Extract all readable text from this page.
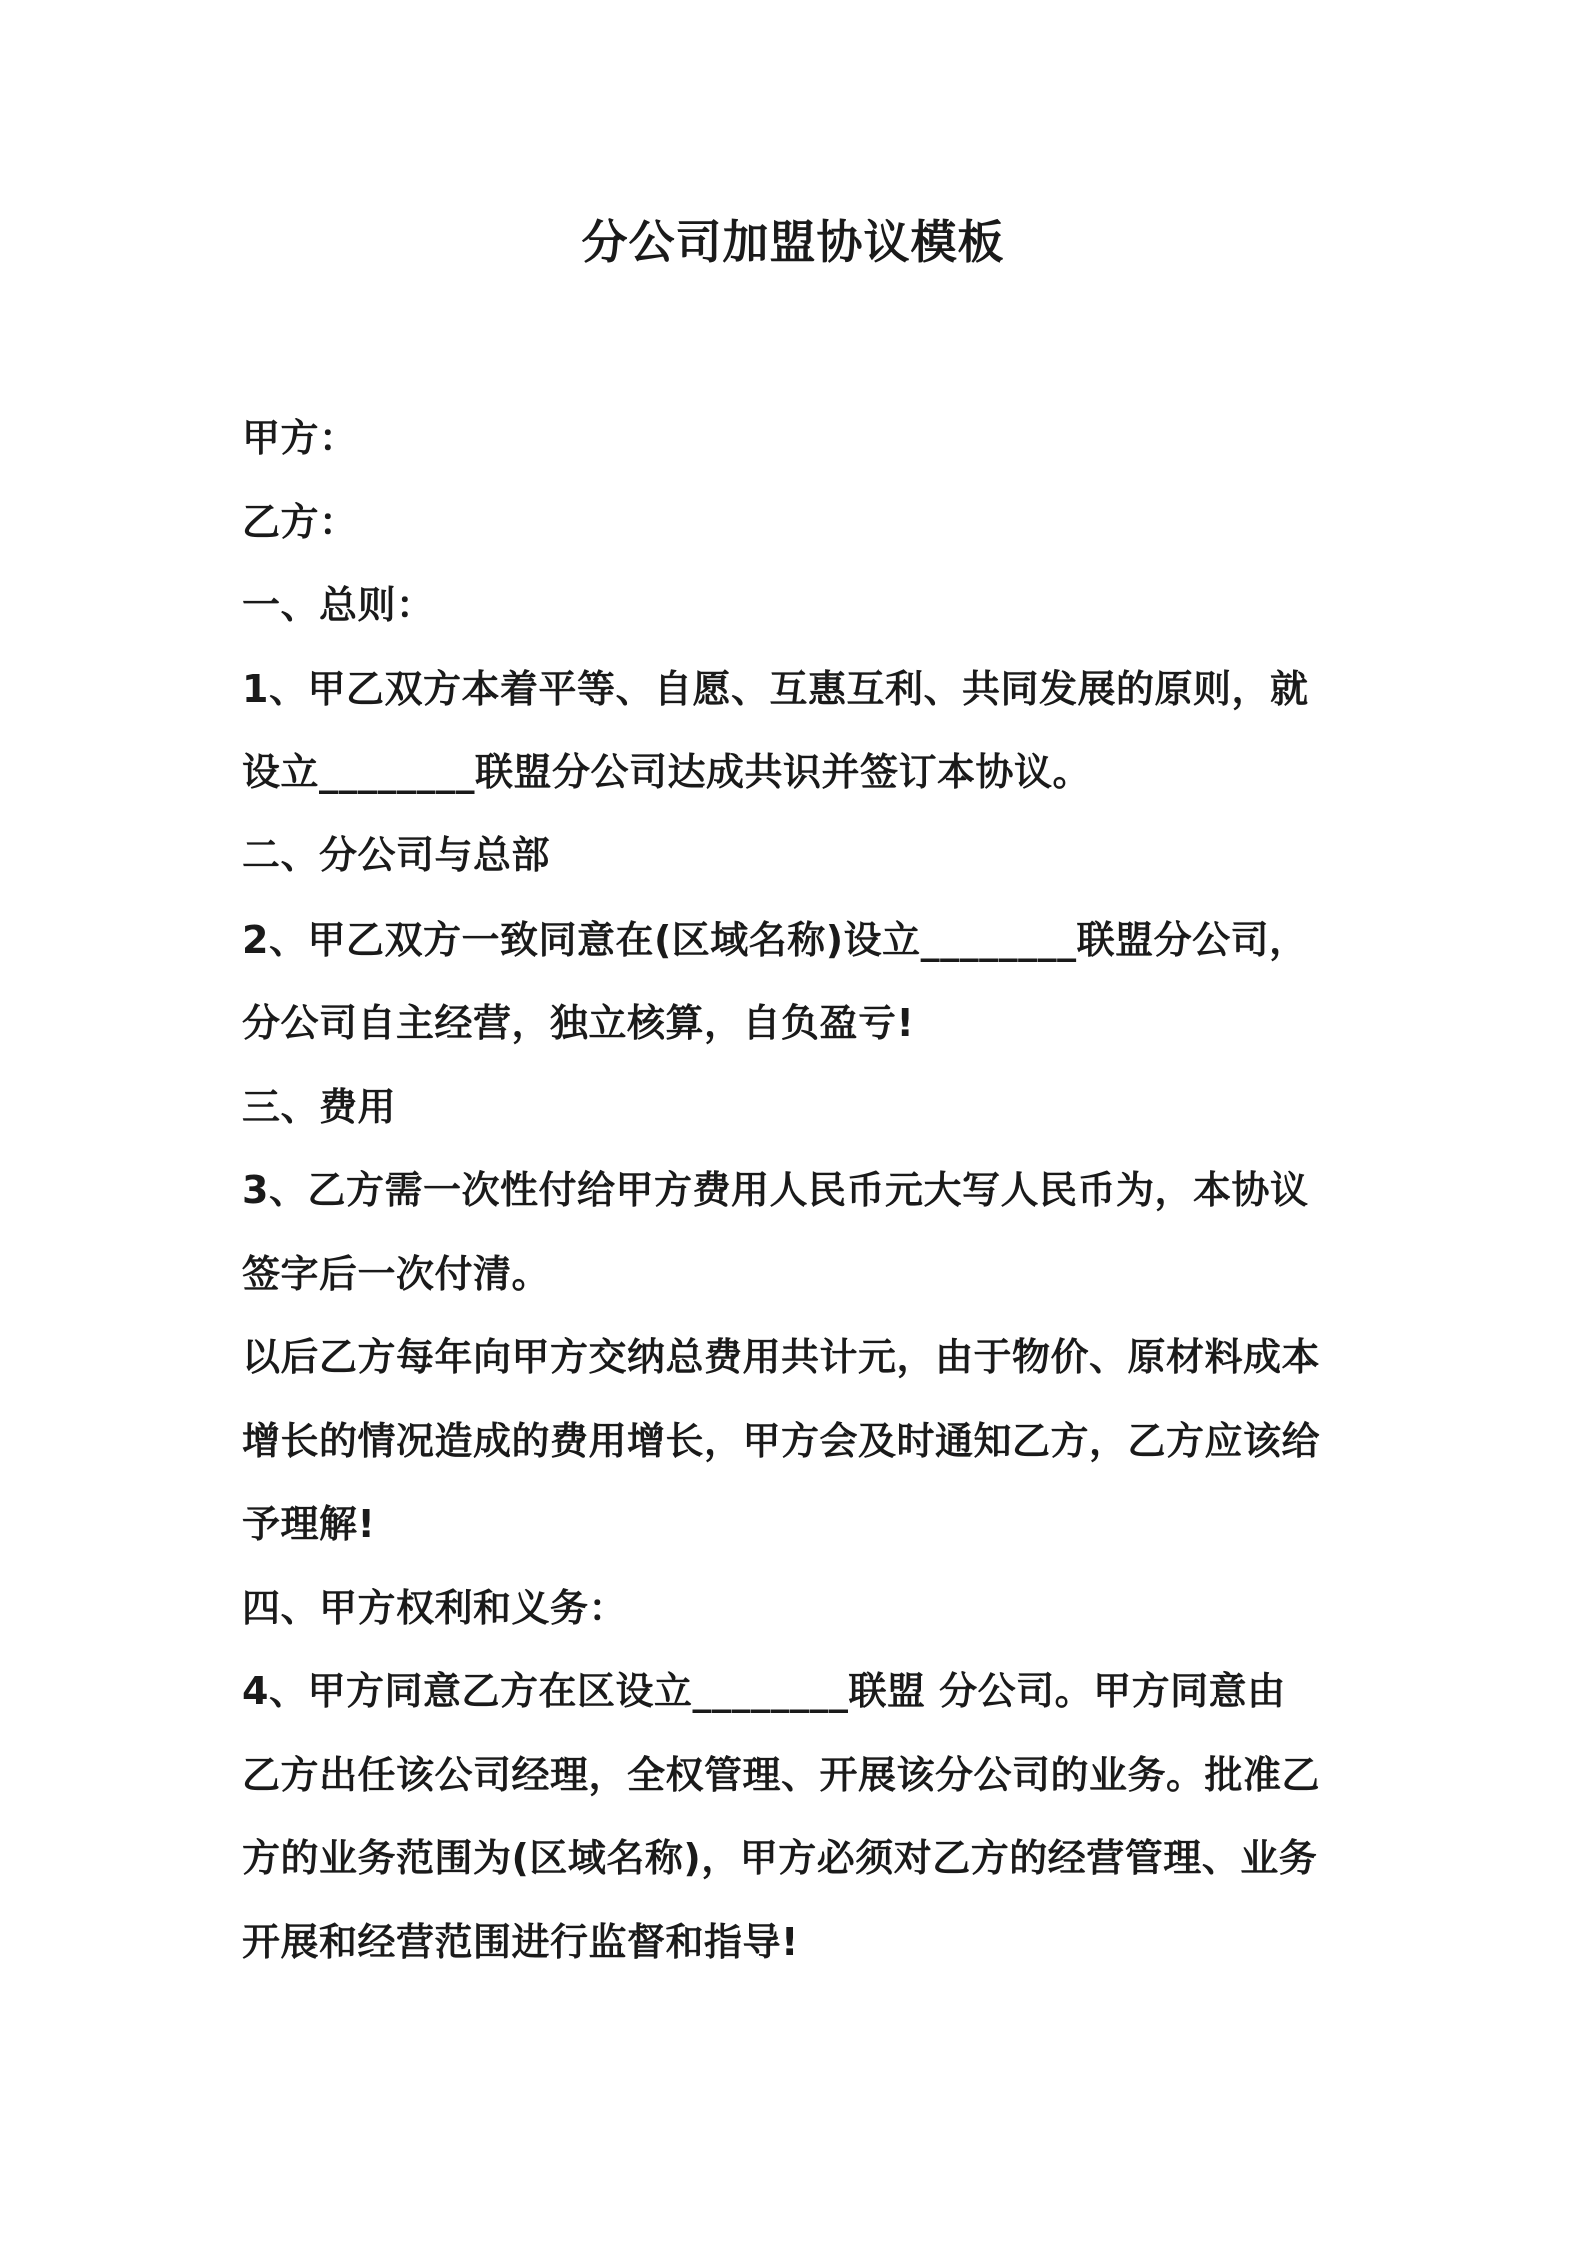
分公司加盟协议模板
甲方：
乙方：
一、总则：
1、甲乙双方本着平等、自愿、互惠互利、共同发展的原则，就
设立________联盟分公司达成共识并签订本协议。
二、分公司与总部
2、甲乙双方一致同意在(区域名称)设立________联盟分公司，
分公司自主经营，独立核算，自负盈亏!
三、费用
3、乙方需一次性付给甲方费用人民币元大写人民币为，本协议
签字后一次付清。
以后乙方每年向甲方交纳总费用共计元，由于物价、原材料成本
增长的情况造成的费用增长，甲方会及时通知乙方，乙方应该给
予理解!
四、甲方权利和义务：
4、甲方同意乙方在区设立________联盟 分公司。甲方同意由
乙方出任该公司经理，全权管理、开展该分公司的业务。批准乙
方的业务范围为(区域名称)，甲方必须对乙方的经营管理、业务
开展和经营范围进行监督和指导!
